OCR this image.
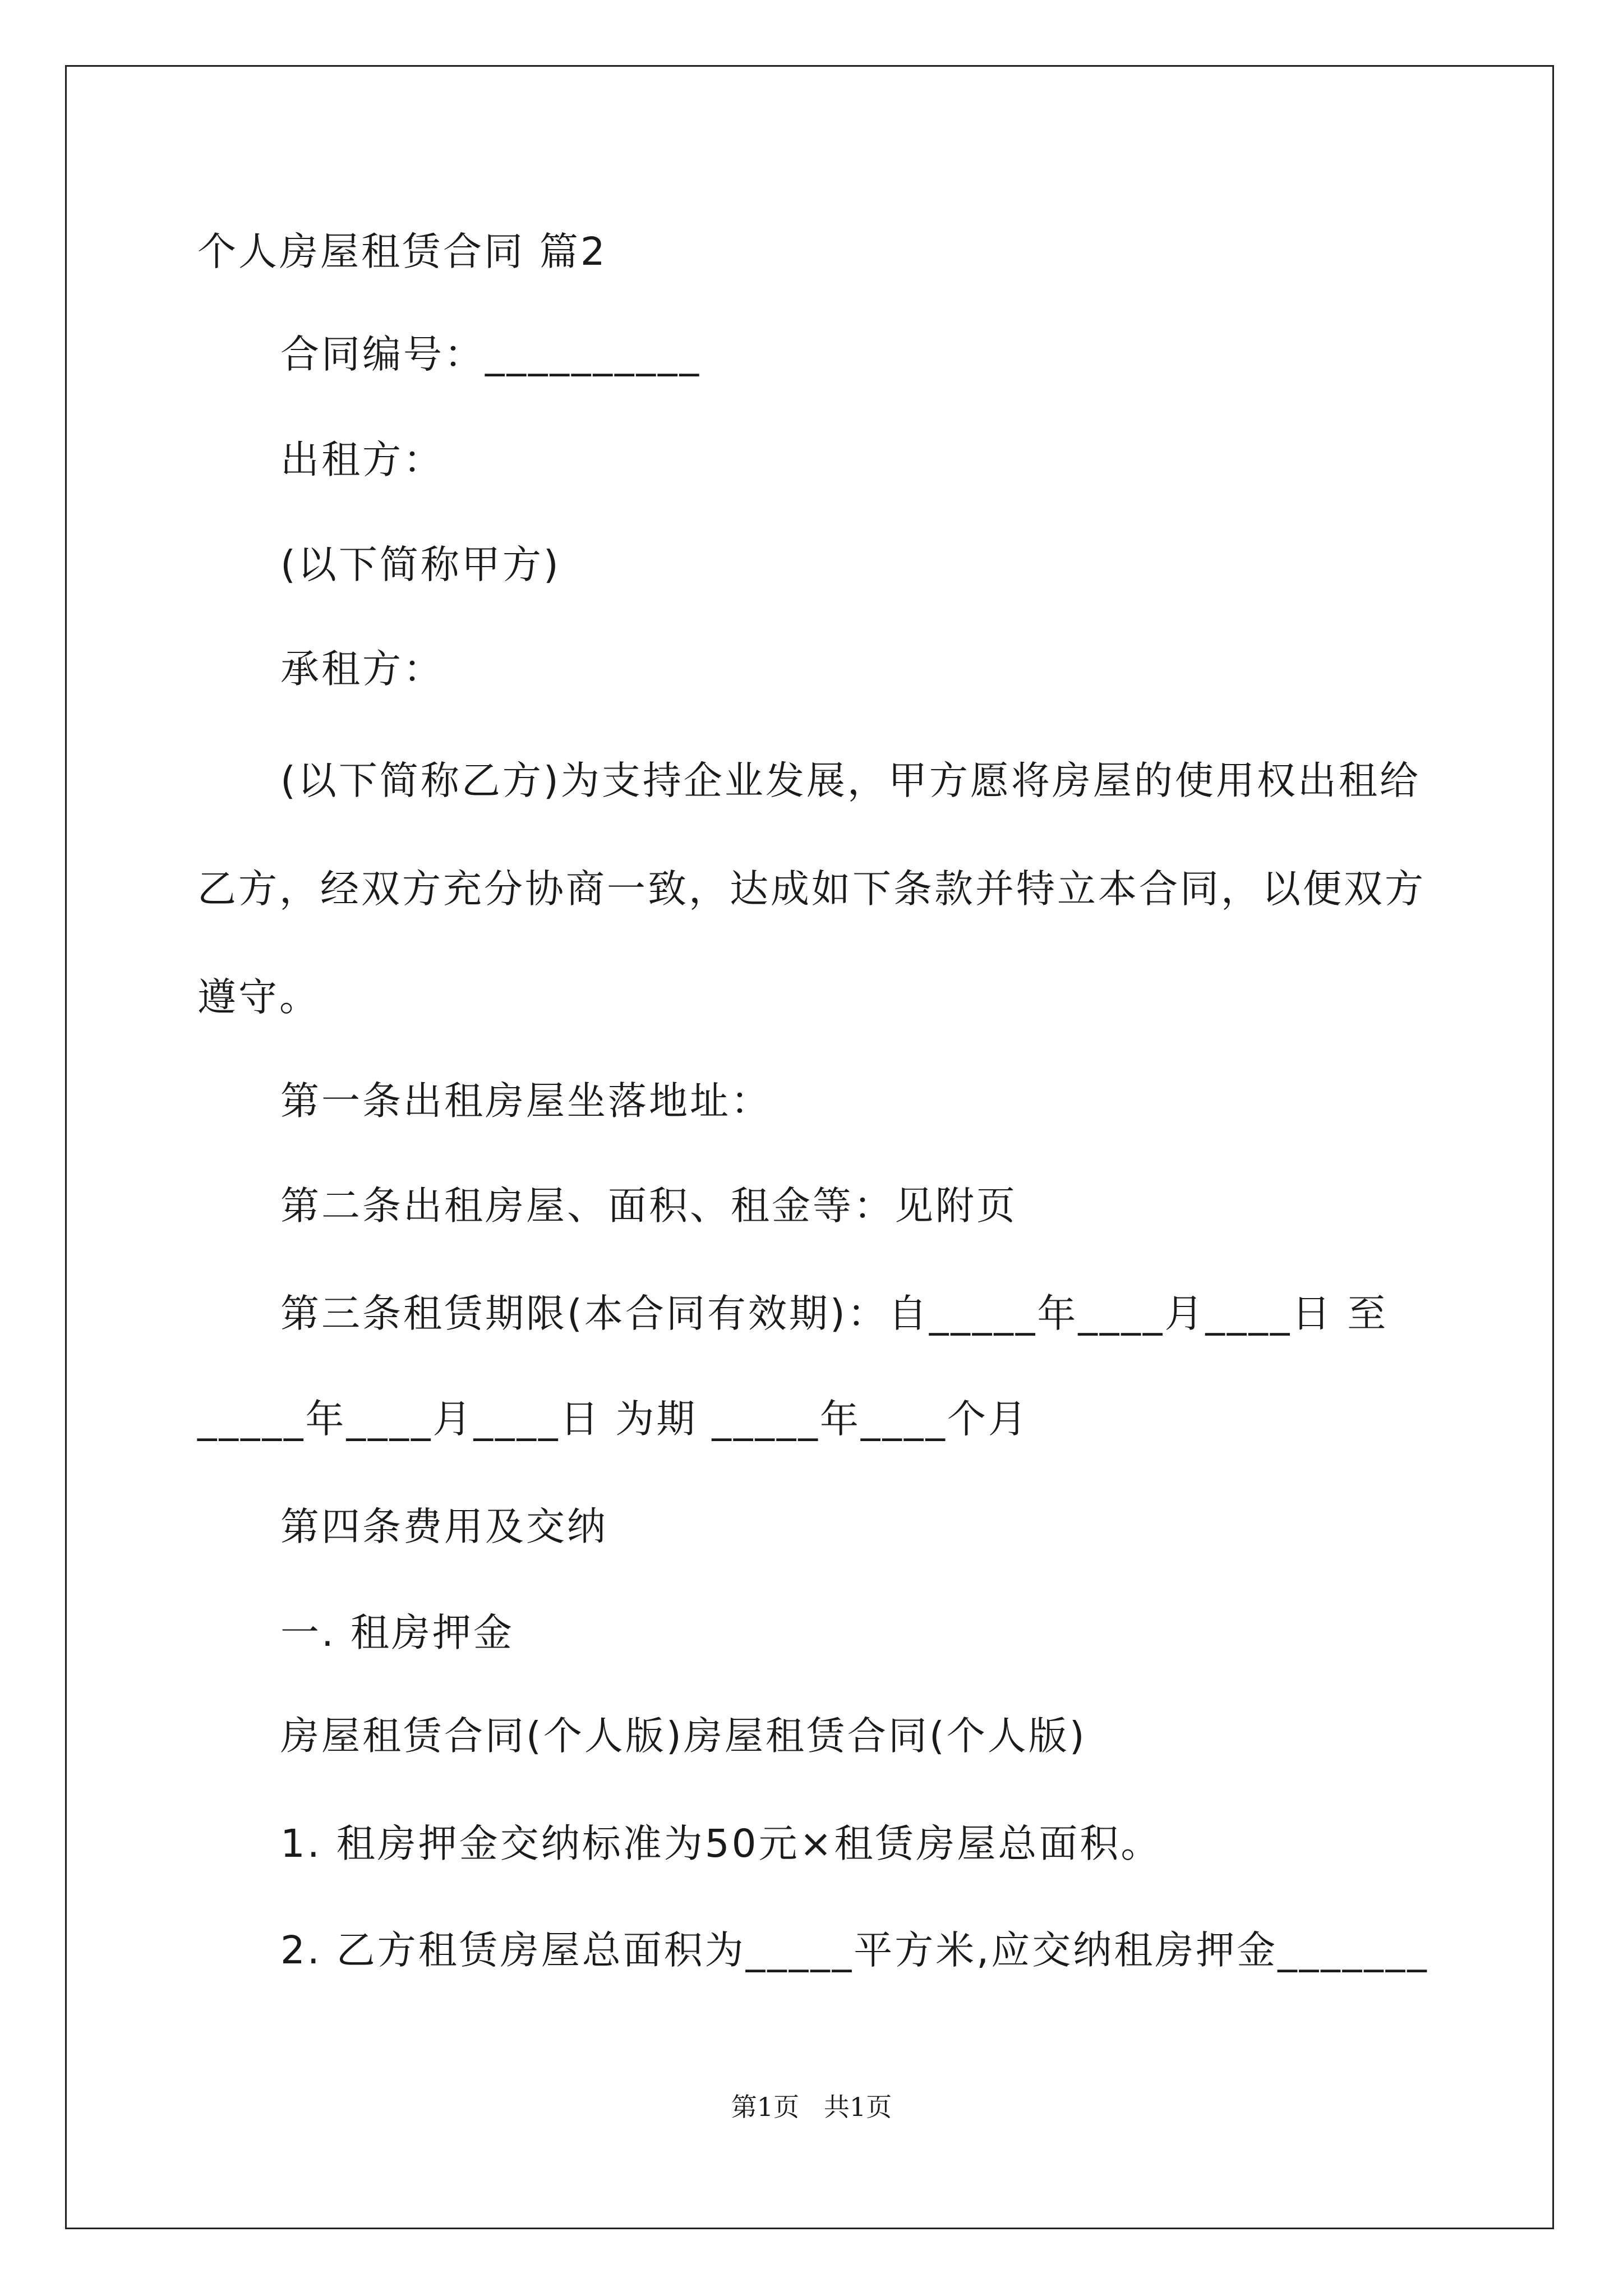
个人房屋租赁合同 篇2
合同编号：__________
出租方：
(以下简称甲方)
承租方：
(以下简称乙方)为支持企业发展，甲方愿将房屋的使用权出租给
乙方，经双方充分协商一致，达成如下条款并特立本合同，以便双方
遵守。
第一条出租房屋坐落地址：
第二条出租房屋、面积、租金等：见附页
第三条租赁期限(本合同有效期)：自_____年____月____日 至
_____年____月____日 为期 _____年____个月
第四条费用及交纳
一. 租房押金
房屋租赁合同(个人版)房屋租赁合同(个人版)
1. 租房押金交纳标准为50元×租赁房屋总面积。
2. 乙方租赁房屋总面积为_____平方米,应交纳租房押金_______
第1页   共1页
